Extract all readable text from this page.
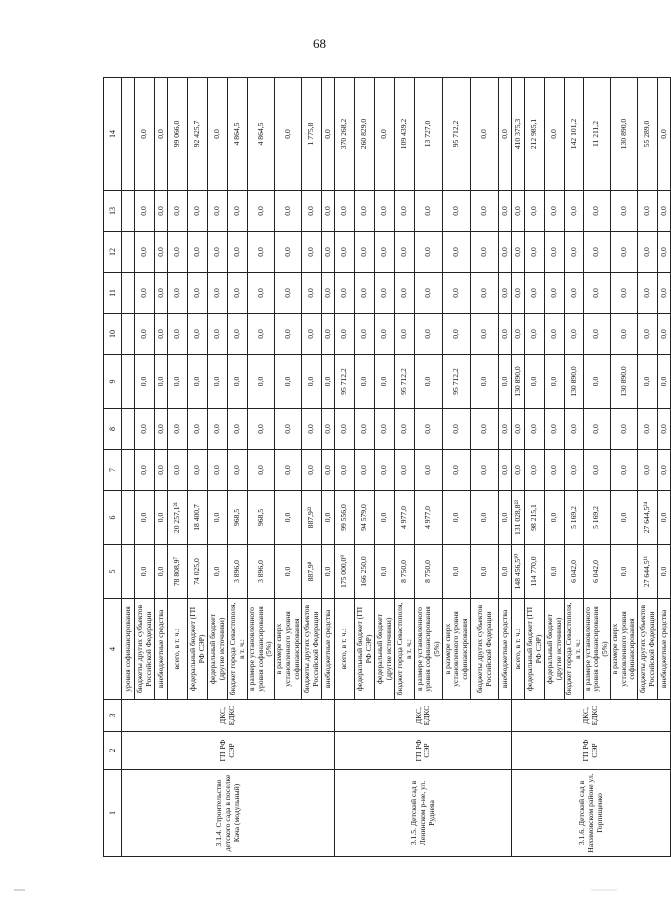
68
1	2	3	4	5	6	7	8	9	10	11	12	13	14
3.1.4. Строительство детского сада в поселке Кача (модульный)	ГП РФ СЭР	ДКС, ЕДКС	уровня софинансирования										
			бюджеты других субъектов Российской Федерации	0,0	0,0	0,0	0,0	0,0	0,0	0,0	0,0	0,0	0,0
			внебюджетные средства	0,0	0,0	0,0	0,0	0,0	0,0	0,0	0,0	0,0	0,0
			всего, в т. ч.:	78 808,9⁷	20 257,1²¹	0,0	0,0	0,0	0,0	0,0	0,0	0,0	99 066,0
			федеральный бюджет (ГП РФ СЭР)	74 025,0	18 400,7	0,0	0,0	0,0	0,0	0,0	0,0	0,0	92 425,7
			федеральный бюджет (другие источники)	0,0	0,0	0,0	0,0	0,0	0,0	0,0	0,0	0,0	0,0
			бюджет города Севастополя, в т. ч.:	3 896,0	968,5	0,0	0,0	0,0	0,0	0,0	0,0	0,0	4 864,5
			в размере установленного уровня софинансирования (5%)	3 896,0	968,5	0,0	0,0	0,0	0,0	0,0	0,0	0,0	4 864,5
			в размере сверх установленного уровня софинансирования	0,0	0,0	0,0	0,0	0,0	0,0	0,0	0,0	0,0	0,0
			бюджеты других субъектов Российской Федерации	887,9⁸	887,9²²	0,0	0,0	0,0	0,0	0,0	0,0	0,0	1 775,8
			внебюджетные средства	0,0	0,0	0,0	0,0	0,0	0,0	0,0	0,0	0,0	0,0
3.1.5. Детский сад в Ленинском р-не, ул. Руднева	ГП РФ СЭР	ДКС, ЕДКС	всего, в т. ч.:	175 000,0⁹	99 556,0	0,0	0,0	95 712,2	0,0	0,0	0,0	0,0	370 268,2
			федеральный бюджет (ГП РФ СЭР)	166 250,0	94 579,0	0,0	0,0	0,0	0,0	0,0	0,0	0,0	260 829,0
			федеральный бюджет (другие источники)	0,0	0,0	0,0	0,0	0,0	0,0	0,0	0,0	0,0	0,0
			бюджет города Севастополя, в т. ч.:	8 750,0	4 977,0	0,0	0,0	95 712,2	0,0	0,0	0,0	0,0	109 439,2
			в размере установленного уровня софинансирования (5%)	8 750,0	4 977,0	0,0	0,0	0,0	0,0	0,0	0,0	0,0	13 727,0
			в размере сверх установленного уровня софинансирования	0,0	0,0	0,0	0,0	95 712,2	0,0	0,0	0,0	0,0	95 712,2
			бюджеты других субъектов Российской Федерации	0,0	0,0	0,0	0,0	0,0	0,0	0,0	0,0	0,0	0,0
			внебюджетные средства	0,0	0,0	0,0	0,0	0,0	0,0	0,0	0,0	0,0	0,0
3.1.6. Детский сад в Нахимовском районе ул. Горпищенко	ГП РФ СЭР	ДКС, ЕДКС	всего, в т. ч.:	148 456,5¹⁰	131 028,8²³	0,0	0,0	130 890,0	0,0	0,0	0,0	0,0	410 375,3
			федеральный бюджет (ГП РФ СЭР)	114 770,0	98 215,1	0,0	0,0	0,0	0,0	0,0	0,0	0,0	212 985,1
			федеральный бюджет (другие источники)	0,0	0,0	0,0	0,0	0,0	0,0	0,0	0,0	0,0	0,0
			бюджет города Севастополя, в т. ч.:	6 042,0	5 169,2	0,0	0,0	130 890,0	0,0	0,0	0,0	0,0	142 101,2
			в размере установленного уровня софинансирования (5%)	6 042,0	5 169,2	0,0	0,0	0,0	0,0	0,0	0,0	0,0	11 211,2
			в размере сверх установленного уровня софинансирования	0,0	0,0	0,0	0,0	130 890,0	0,0	0,0	0,0	0,0	130 890,0
			бюджеты других субъектов Российской Федерации	27 644,5¹¹	27 644,5²⁴	0,0	0,0	0,0	0,0	0,0	0,0	0,0	55 289,0
			внебюджетные средства	0,0	0,0	0,0	0,0	0,0	0,0	0,0	0,0	0,0	0,0
